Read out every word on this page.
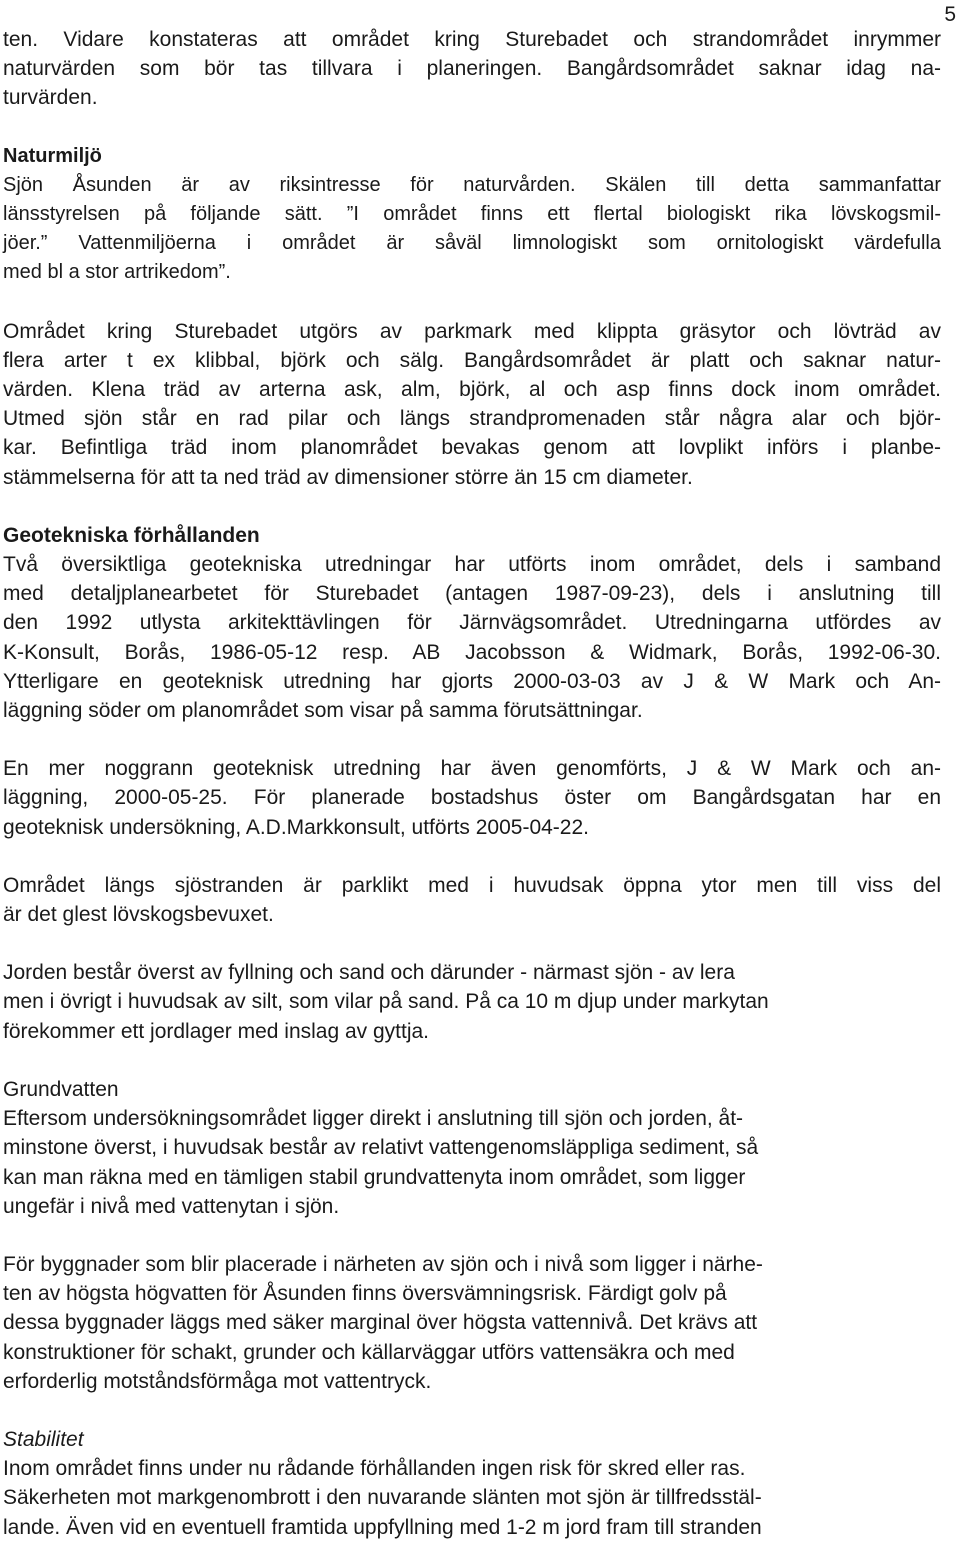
5

ten. Vidare konstateras att området kring Sturebadet och strandområdet inrymmer
naturvärden som bör tas tillvara i planeringen. Bangårdsområdet saknar idag na-
turvärden.

Naturmiljö
Sjön Åsunden är av riksintresse för naturvården. Skälen till detta sammanfattar
länsstyrelsen på följande sätt. ”I området finns ett flertal biologiskt rika lövskogsmil-
jöer.” Vattenmiljöerna i området är såväl limnologiskt som ornitologiskt värdefulla
med bl a stor artrikedom”.

Området kring Sturebadet utgörs av parkmark med klippta gräsytor och lövträd av
flera arter t ex klibbal, björk och sälg. Bangårdsområdet är platt och saknar natur-
värden. Klena träd av arterna ask, alm, björk, al och asp finns dock inom området.
Utmed sjön står en rad pilar och längs strandpromenaden står några alar och björ-
kar. Befintliga träd inom planområdet bevakas genom att lovplikt införs i planbe-
stämmelserna för att ta ned träd av dimensioner större än 15 cm diameter.

Geotekniska förhållanden
Två översiktliga geotekniska utredningar har utförts inom området, dels i samband
med detaljplanearbetet för Sturebadet (antagen 1987-09-23), dels i anslutning till
den 1992 utlysta arkitekttävlingen för Järnvägsområdet. Utredningarna utfördes av
K-Konsult, Borås, 1986-05-12 resp. AB Jacobsson & Widmark, Borås, 1992-06-30.
Ytterligare en geoteknisk utredning har gjorts 2000-03-03 av J & W Mark och An-
läggning söder om planområdet som visar på samma förutsättningar.

En mer noggrann geoteknisk utredning har även genomförts, J & W Mark och an-
läggning, 2000-05-25. För planerade bostadshus öster om Bangårdsgatan har en
geoteknisk undersökning, A.D.Markkonsult, utförts 2005-04-22.

Området längs sjöstranden är parklikt med i huvudsak öppna ytor men till viss del
är det glest lövskogsbevuxet.

Jorden består överst av fyllning och sand och därunder - närmast sjön - av lera
men i övrigt i huvudsak av silt, som vilar på sand. På ca 10 m djup under markytan
förekommer ett jordlager med inslag av gyttja.

Grundvatten
Eftersom undersökningsområdet ligger direkt i anslutning till sjön och jorden, åt-
minstone överst, i huvudsak består av relativt vattengenomsläppliga sediment, så
kan man räkna med en tämligen stabil grundvattenyta inom området, som ligger
ungefär i nivå med vattenytan i sjön.

För byggnader som blir placerade i närheten av sjön och i nivå som ligger i närhe-
ten av högsta högvatten för Åsunden finns översvämningsrisk. Färdigt golv på
dessa byggnader läggs med säker marginal över högsta vattennivå. Det krävs att
konstruktioner för schakt, grunder och källarväggar utförs vattensäkra och med
erforderlig motståndsförmåga mot vattentryck.

Stabilitet
Inom området finns under nu rådande förhållanden ingen risk för skred eller ras.
Säkerheten mot markgenombrott i den nuvarande slänten mot sjön är tillfredsstäl-
lande. Även vid en eventuell framtida uppfyllning med 1-2 m jord fram till stranden
